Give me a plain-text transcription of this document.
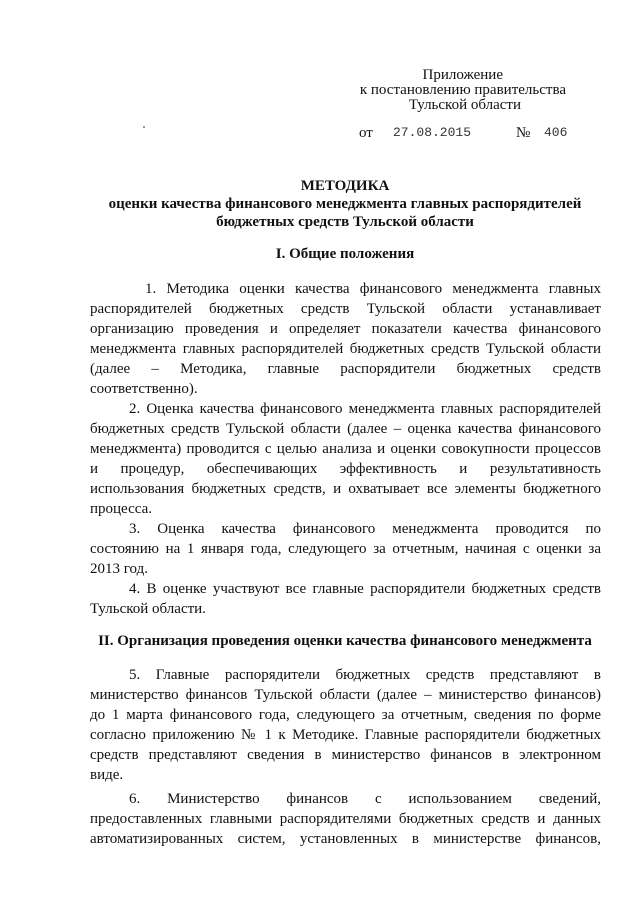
Приложение
к постановлению правительства
Тульской области
от 27.08.2015	№ 406
МЕТОДИКА
оценки качества финансового менеджмента главных распорядителей
бюджетных средств Тульской области
I. Общие положения
1. Методика оценки качества финансового менеджмента главных
распорядителей бюджетных средств Тульской области устанавливает
организацию проведения и определяет показатели качества финансового
менеджмента главных распорядителей бюджетных средств Тульской области
(далее – Методика, главные распорядители бюджетных средств
соответственно).
2. Оценка качества финансового менеджмента главных распорядителей
бюджетных средств Тульской области (далее – оценка качества финансового
менеджмента) проводится с целью анализа и оценки совокупности процессов
и процедур, обеспечивающих эффективность и результативность
использования бюджетных средств, и охватывает все элементы бюджетного
процесса.
3. Оценка качества финансового менеджмента проводится по
состоянию на 1 января года, следующего за отчетным, начиная с оценки за
2013 год.
4. В оценке участвуют все главные распорядители бюджетных средств
Тульской области.
II. Организация проведения оценки качества финансового менеджмента
5. Главные распорядители бюджетных средств представляют в
министерство финансов Тульской области (далее – министерство финансов)
до 1 марта финансового года, следующего за отчетным, сведения по форме
согласно приложению № 1 к Методике. Главные распорядители бюджетных
средств представляют сведения в министерство финансов в электронном
виде.
6. Министерство финансов с использованием сведений,
предоставленных главными распорядителями бюджетных средств и данных
автоматизированных систем, установленных в министерстве финансов,
